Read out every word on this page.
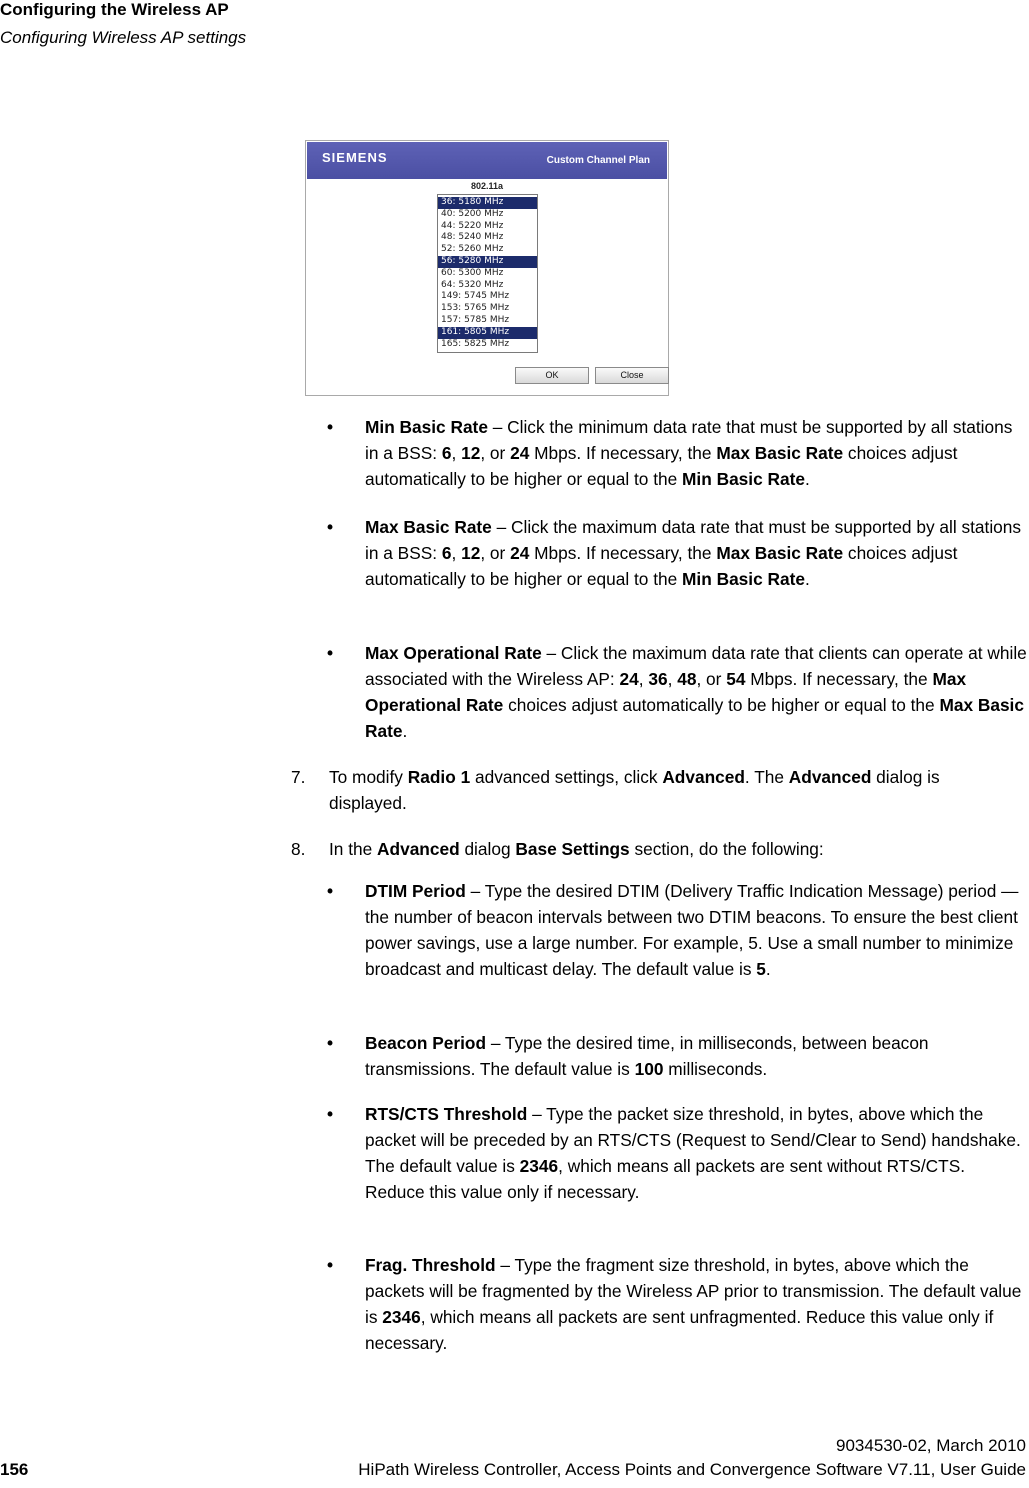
Configuring the Wireless AP
Configuring Wireless AP settings
SIEMENS	Custom Channel Plan
802.11a
36: 5180 MHz
40: 5200 MHz
44: 5220 MHz
48: 5240 MHz
52: 5260 MHz
56: 5280 MHz
60: 5300 MHz
64: 5320 MHz
149: 5745 MHz
153: 5765 MHz
157: 5785 MHz
161: 5805 MHz
165: 5825 MHz
OK	Close
• Min Basic Rate – Click the minimum data rate that must be supported by all stations in a BSS: 6, 12, or 24 Mbps. If necessary, the Max Basic Rate choices adjust automatically to be higher or equal to the Min Basic Rate.
• Max Basic Rate – Click the maximum data rate that must be supported by all stations in a BSS: 6, 12, or 24 Mbps. If necessary, the Max Basic Rate choices adjust automatically to be higher or equal to the Min Basic Rate.
• Max Operational Rate – Click the maximum data rate that clients can operate at while associated with the Wireless AP: 24, 36, 48, or 54 Mbps. If necessary, the Max Operational Rate choices adjust automatically to be higher or equal to the Max Basic Rate.
7. To modify Radio 1 advanced settings, click Advanced. The Advanced dialog is displayed.
8. In the Advanced dialog Base Settings section, do the following:
• DTIM Period – Type the desired DTIM (Delivery Traffic Indication Message) period — the number of beacon intervals between two DTIM beacons. To ensure the best client power savings, use a large number. For example, 5. Use a small number to minimize broadcast and multicast delay. The default value is 5.
• Beacon Period – Type the desired time, in milliseconds, between beacon transmissions. The default value is 100 milliseconds.
• RTS/CTS Threshold – Type the packet size threshold, in bytes, above which the packet will be preceded by an RTS/CTS (Request to Send/Clear to Send) handshake. The default value is 2346, which means all packets are sent without RTS/CTS. Reduce this value only if necessary.
• Frag. Threshold – Type the fragment size threshold, in bytes, above which the packets will be fragmented by the Wireless AP prior to transmission. The default value is 2346, which means all packets are sent unfragmented. Reduce this value only if necessary.
9034530-02, March 2010
156	HiPath Wireless Controller, Access Points and Convergence Software V7.11, User Guide
